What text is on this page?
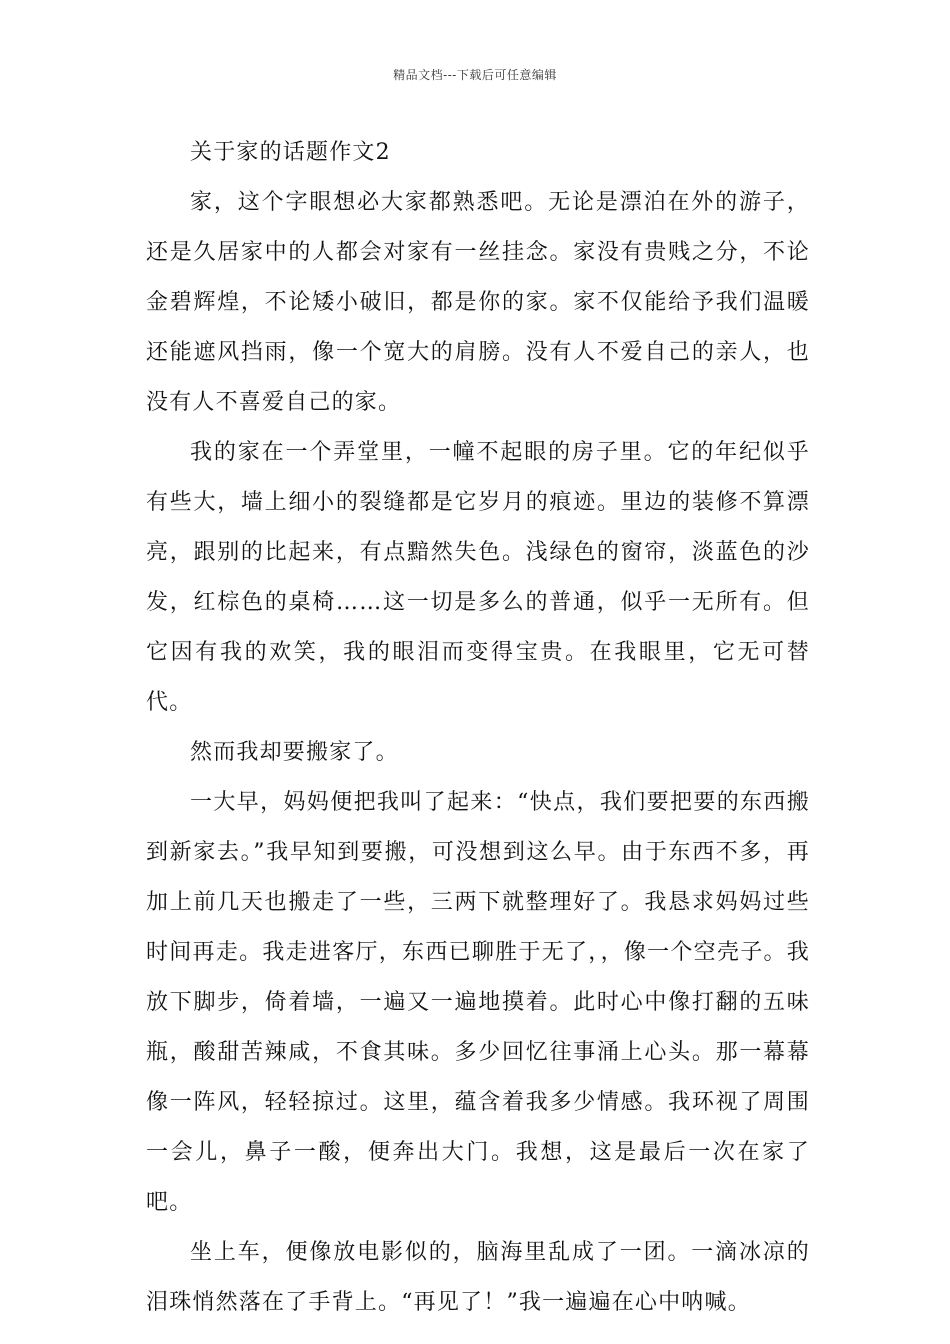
精品文档---下载后可任意编辑

关于家的话题作文2

家，这个字眼想必大家都熟悉吧。无论是漂泊在外的游子，还是久居家中的人都会对家有一丝挂念。家没有贵贱之分，不论金碧辉煌，不论矮小破旧，都是你的家。家不仅能给予我们温暖还能遮风挡雨，像一个宽大的肩膀。没有人不爱自己的亲人，也没有人不喜爱自己的家。

我的家在一个弄堂里，一幢不起眼的房子里。它的年纪似乎有些大，墙上细小的裂缝都是它岁月的痕迹。里边的装修不算漂亮，跟别的比起来，有点黯然失色。浅绿色的窗帘，淡蓝色的沙发，红棕色的桌椅……这一切是多么的普通，似乎一无所有。但它因有我的欢笑，我的眼泪而变得宝贵。在我眼里，它无可替代。

然而我却要搬家了。

一大早，妈妈便把我叫了起来：“快点，我们要把要的东西搬到新家去。”我早知到要搬，可没想到这么早。由于东西不多，再加上前几天也搬走了一些，三两下就整理好了。我恳求妈妈过些时间再走。我走进客厅，东西已聊胜于无了，，像一个空壳子。我放下脚步，倚着墙，一遍又一遍地摸着。此时心中像打翻的五味瓶，酸甜苦辣咸，不食其味。多少回忆往事涌上心头。那一幕幕像一阵风，轻轻掠过。这里，蕴含着我多少情感。我环视了周围一会儿，鼻子一酸，便奔出大门。我想，这是最后一次在家了吧。

坐上车，便像放电影似的，脑海里乱成了一团。一滴冰凉的泪珠悄然落在了手背上。“再见了！”我一遍遍在心中呐喊。
